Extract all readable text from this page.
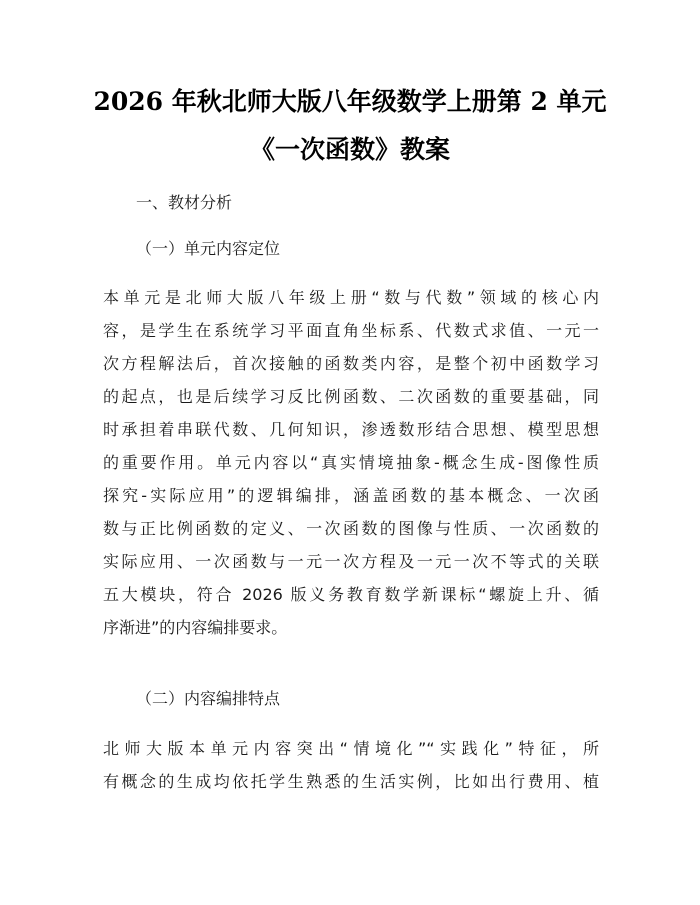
2026 年秋北师大版八年级数学上册第 2 单元
《一次函数》教案
一、教材分析
（一）单元内容定位
本单元是北师大版八年级上册“数与代数”领域的核心内
容，是学生在系统学习平面直角坐标系、代数式求值、一元一
次方程解法后，首次接触的函数类内容，是整个初中函数学习
的起点，也是后续学习反比例函数、二次函数的重要基础，同
时承担着串联代数、几何知识，渗透数形结合思想、模型思想
的重要作用。单元内容以“真实情境抽象-概念生成-图像性质
探究-实际应用”的逻辑编排，涵盖函数的基本概念、一次函
数与正比例函数的定义、一次函数的图像与性质、一次函数的
实际应用、一次函数与一元一次方程及一元一次不等式的关联
五大模块，符合 2026 版义务教育数学新课标“螺旋上升、循
序渐进”的内容编排要求。
（二）内容编排特点
北师大版本单元内容突出“情境化”“实践化”特征，所
有概念的生成均依托学生熟悉的生活实例，比如出行费用、植
